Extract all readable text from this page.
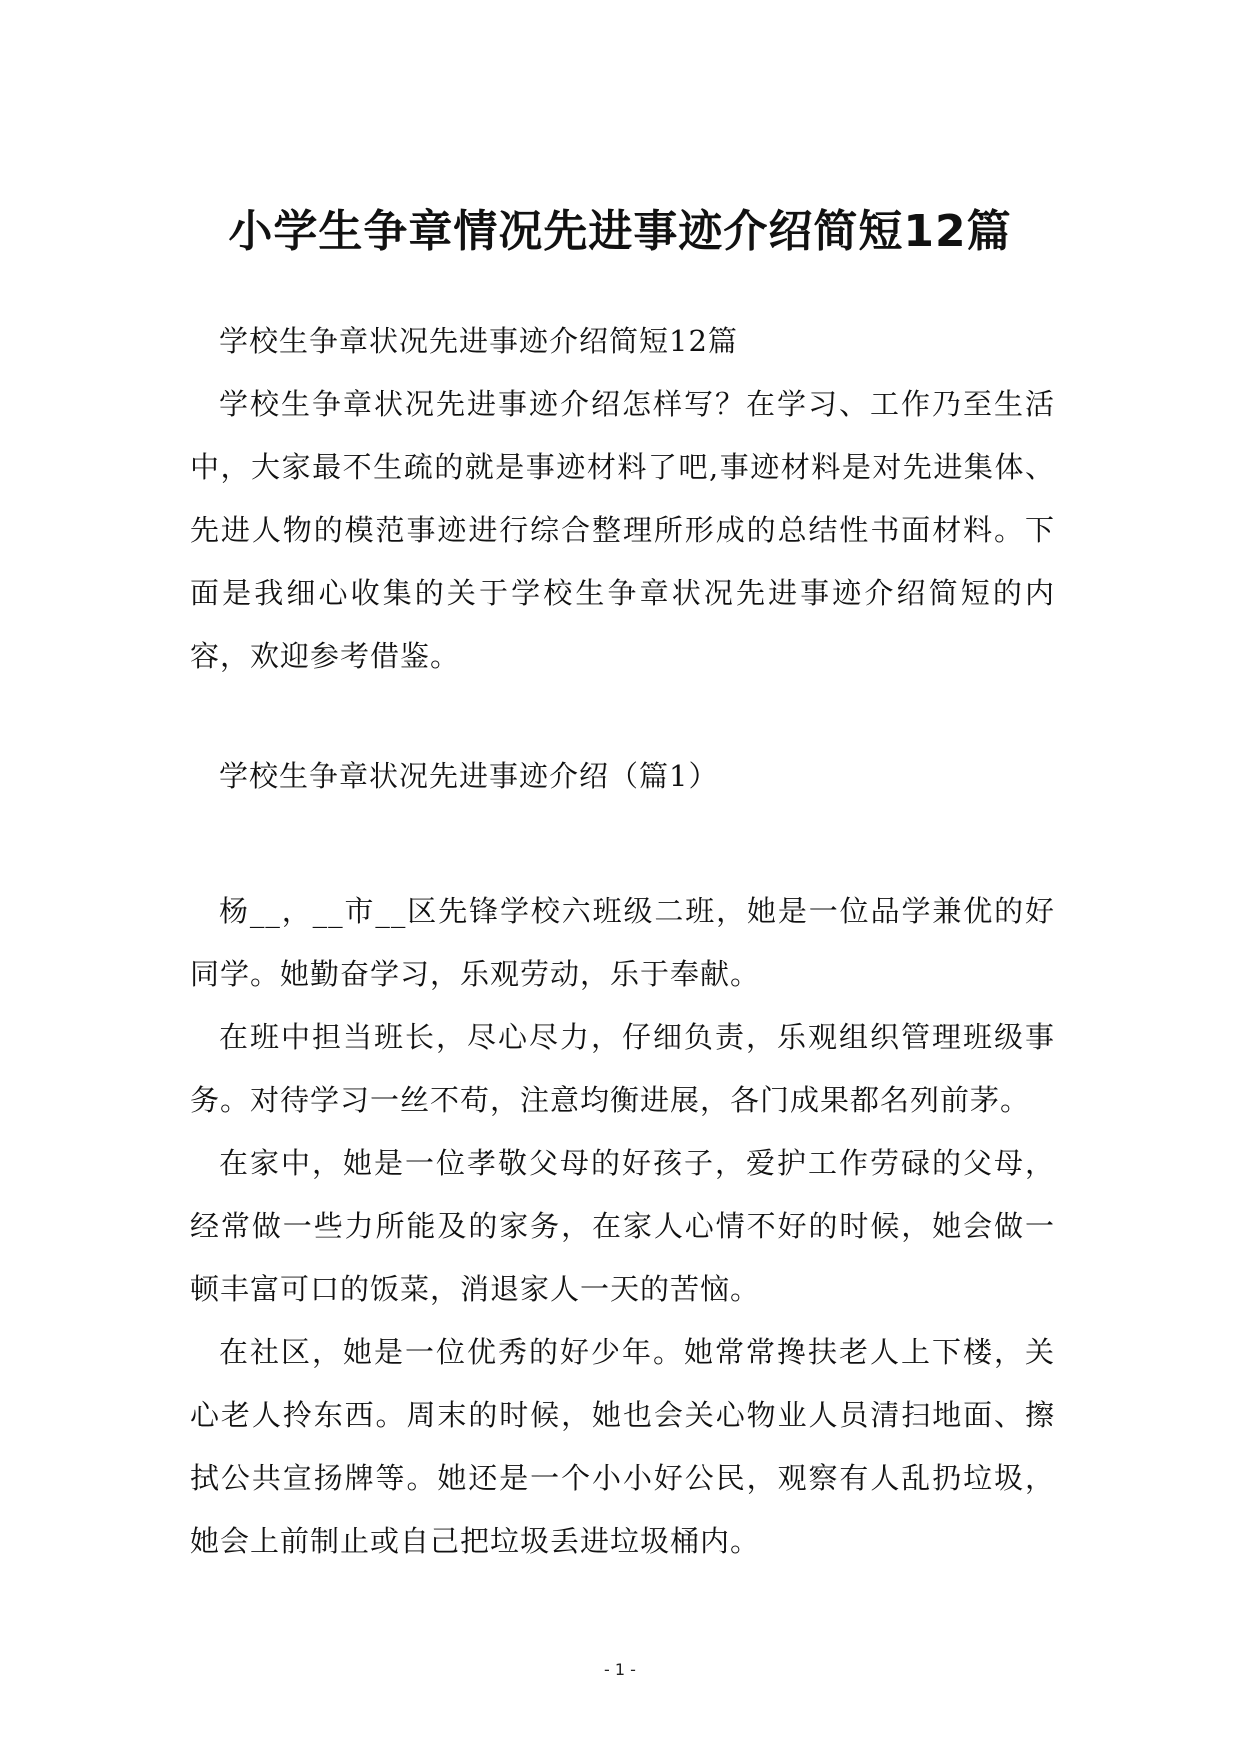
小学生争章情况先进事迹介绍简短12篇

学校生争章状况先进事迹介绍简短12篇

学校生争章状况先进事迹介绍怎样写？在学习、工作乃至生活中，大家最不生疏的就是事迹材料了吧,事迹材料是对先进集体、先进人物的模范事迹进行综合整理所形成的总结性书面材料。下面是我细心收集的关于学校生争章状况先进事迹介绍简短的内容，欢迎参考借鉴。

学校生争章状况先进事迹介绍（篇1）

杨__，__市__区先锋学校六班级二班，她是一位品学兼优的好同学。她勤奋学习，乐观劳动，乐于奉献。

在班中担当班长，尽心尽力，仔细负责，乐观组织管理班级事务。对待学习一丝不苟，注意均衡进展，各门成果都名列前茅。

在家中，她是一位孝敬父母的好孩子，爱护工作劳碌的父母，经常做一些力所能及的家务，在家人心情不好的时候，她会做一顿丰富可口的饭菜，消退家人一天的苦恼。

在社区，她是一位优秀的好少年。她常常搀扶老人上下楼，关心老人拎东西。周末的时候，她也会关心物业人员清扫地面、擦拭公共宣扬牌等。她还是一个小小好公民，观察有人乱扔垃圾，她会上前制止或自己把垃圾丢进垃圾桶内。

- 1 -
